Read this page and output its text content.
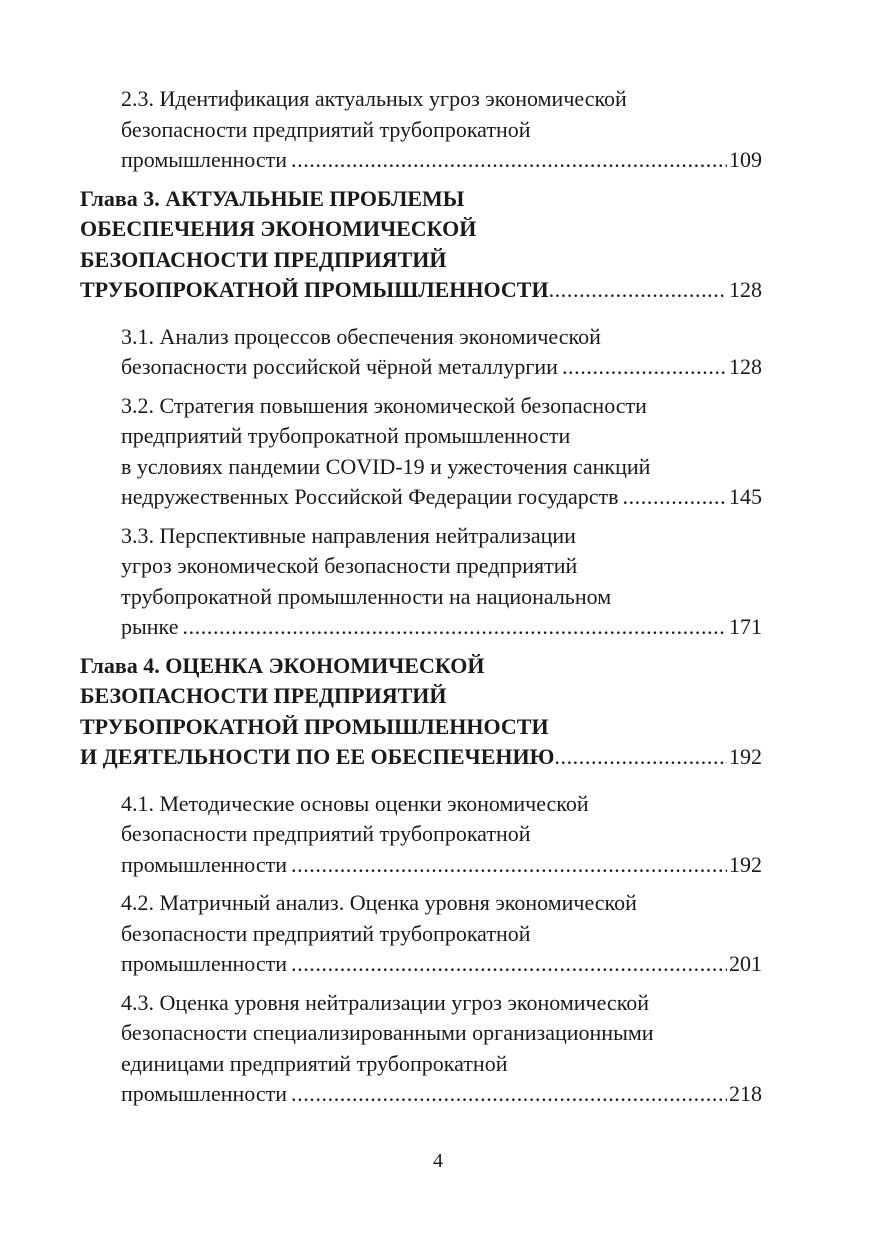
2.3. Идентификация актуальных угроз экономической
безопасности предприятий трубопрокатной
промышленности .....	109
Глава 3. АКТУАЛЬНЫЕ ПРОБЛЕМЫ
ОБЕСПЕЧЕНИЯ ЭКОНОМИЧЕСКОЙ
БЕЗОПАСНОСТИ ПРЕДПРИЯТИЙ
ТРУБОПРОКАТНОЙ ПРОМЫШЛЕННОСТИ .....	128
3.1. Анализ процессов обеспечения экономической
безопасности российской чёрной металлургии .....	128
3.2. Стратегия повышения экономической безопасности
предприятий трубопрокатной промышленности
в условиях пандемии COVID-19 и ужесточения санкций
недружественных Российской Федерации государств .....	145
3.3. Перспективные направления нейтрализации
угроз экономической безопасности предприятий
трубопрокатной промышленности на национальном
рынке .....	171
Глава 4. ОЦЕНКА ЭКОНОМИЧЕСКОЙ
БЕЗОПАСНОСТИ ПРЕДПРИЯТИЙ
ТРУБОПРОКАТНОЙ ПРОМЫШЛЕННОСТИ
И ДЕЯТЕЛЬНОСТИ ПО ЕЕ ОБЕСПЕЧЕНИЮ .....	192
4.1. Методические основы оценки экономической
безопасности предприятий трубопрокатной
промышленности .....	192
4.2. Матричный анализ. Оценка уровня экономической
безопасности предприятий трубопрокатной
промышленности .....	201
4.3. Оценка уровня нейтрализации угроз экономической
безопасности специализированными организационными
единицами предприятий трубопрокатной
промышленности .....	218
4
